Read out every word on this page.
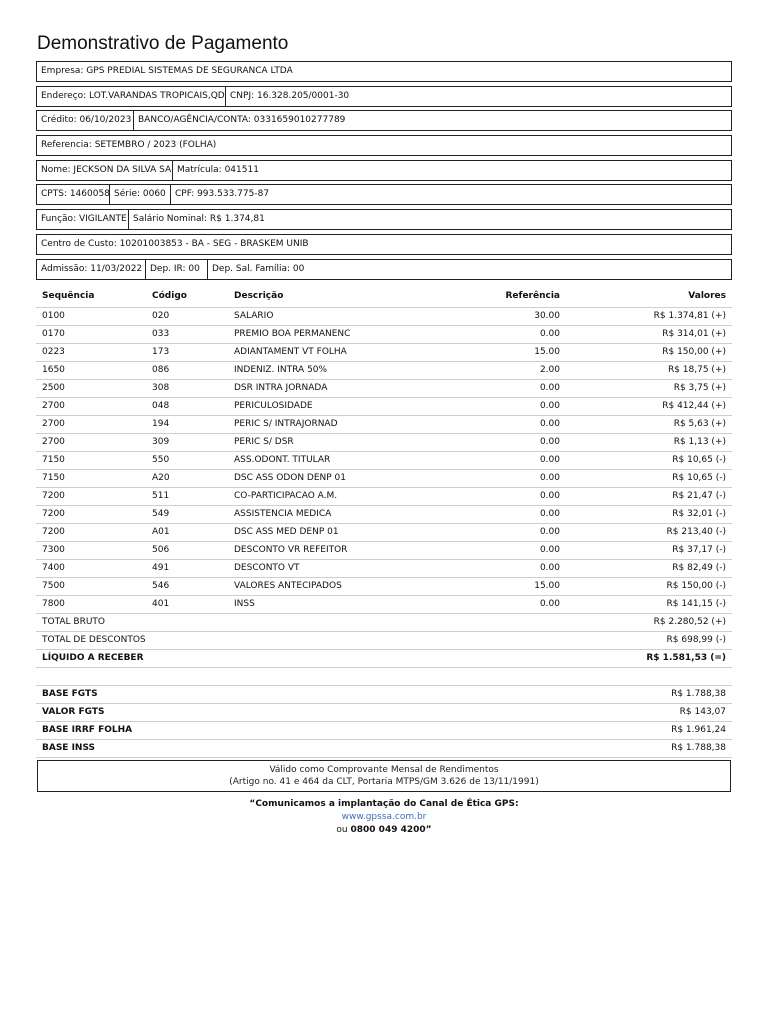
Demonstrativo de Pagamento
Empresa: GPS PREDIAL SISTEMAS DE SEGURANCA LTDA
Endereço: LOT.VARANDAS TROPICAIS,QD CNPJ: 16.328.205/0001-30
Crédito: 06/10/2023 BANCO/AGÊNCIA/CONTA: 0331659010277789
Referencia: SETEMBRO / 2023 (FOLHA)
Nome: JECKSON DA SILVA SA Matrícula: 041511
CPTS: 1460058 Série: 0060	CPF: 993.533.775-87
Função: VIGILANTE Salário Nominal: R$ 1.374,81
Centro de Custo: 10201003853 - BA - SEG - BRASKEM UNIB
Admissão: 11/03/2022 Dep. IR: 00	Dep. Sal. Família: 00
Sequência	Código	Descrição	Referência	Valores
0100	020	SALARIO	30.00	R$ 1.374,81 (+)
0170	033	PREMIO BOA PERMANENC	0.00	R$ 314,01 (+)
0223	173	ADIANTAMENT VT FOLHA	15.00	R$ 150,00 (+)
1650	086	INDENIZ. INTRA 50%	2.00	R$ 18,75 (+)
2500	308	DSR INTRA JORNADA	0.00	R$ 3,75 (+)
2700	048	PERICULOSIDADE	0.00	R$ 412,44 (+)
2700	194	PERIC S/ INTRAJORNAD	0.00	R$ 5,63 (+)
2700	309	PERIC S/ DSR	0.00	R$ 1,13 (+)
7150	550	ASS.ODONT. TITULAR	0.00	R$ 10,65 (-)
7150	A20	DSC ASS ODON DENP 01	0.00	R$ 10,65 (-)
7200	511	CO-PARTICIPACAO A.M.	0.00	R$ 21,47 (-)
7200	549	ASSISTENCIA MEDICA	0.00	R$ 32,01 (-)
7200	A01	DSC ASS MED DENP 01	0.00	R$ 213,40 (-)
7300	506	DESCONTO VR REFEITOR	0.00	R$ 37,17 (-)
7400	491	DESCONTO VT	0.00	R$ 82,49 (-)
7500	546	VALORES ANTECIPADOS	15.00	R$ 150,00 (-)
7800	401	INSS	0.00	R$ 141,15 (-)
TOTAL BRUTO	R$ 2.280,52 (+)
TOTAL DE DESCONTOS	R$ 698,99 (-)
LÍQUIDO A RECEBER	R$ 1.581,53 (=)
BASE FGTS	R$ 1.788,38
VALOR FGTS	R$ 143,07
BASE IRRF FOLHA	R$ 1.961,24
BASE INSS	R$ 1.788,38
Válido como Comprovante Mensal de Rendimentos
(Artigo no. 41 e 464 da CLT, Portaria MTPS/GM 3.626 de 13/11/1991)
“Comunicamos a implantação do Canal de Ética GPS:
www.gpssa.com.br
ou 0800 049 4200”
